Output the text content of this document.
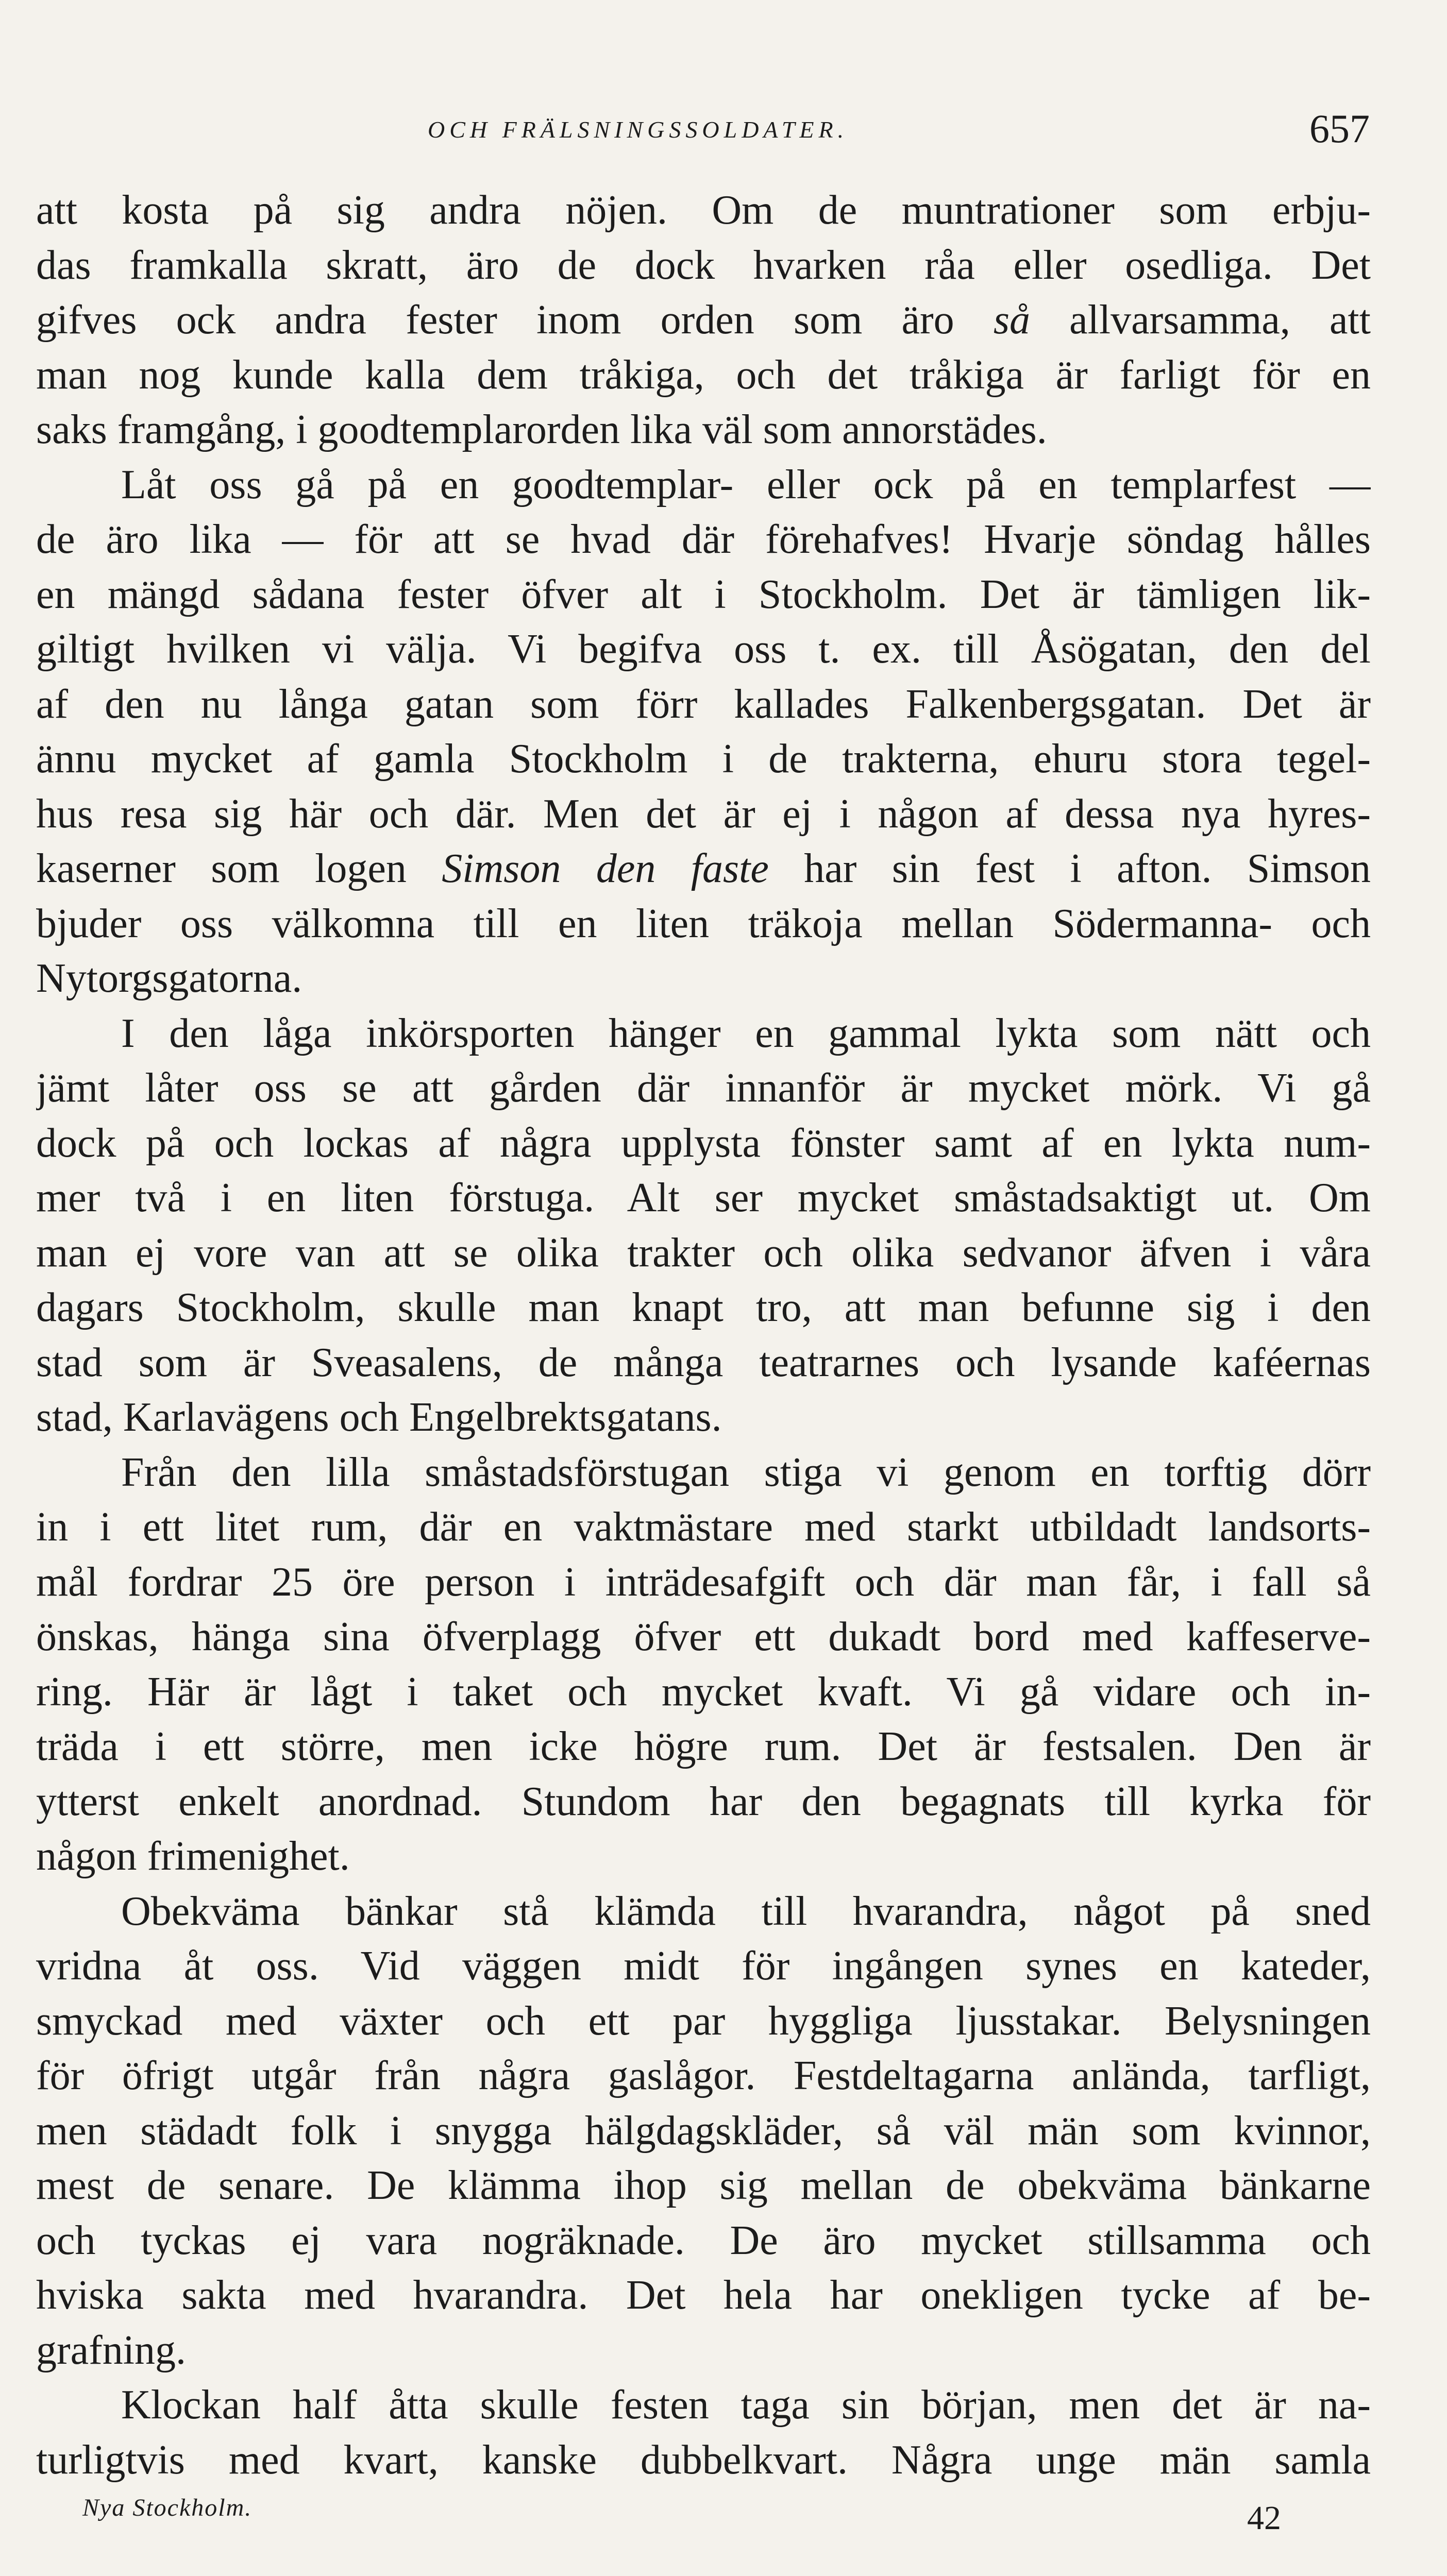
OCH FRÄLSNINGSSOLDATER.	657
att kosta på sig andra nöjen. Om de muntrationer som erbju-
das framkalla skratt, äro de dock hvarken råa eller osedliga. Det
gifves ock andra fester inom orden som äro så allvarsamma, att
man nog kunde kalla dem tråkiga, och det tråkiga är farligt för en
saks framgång, i goodtemplarorden lika väl som annorstädes.
Låt oss gå på en goodtemplar- eller ock på en templarfest —
de äro lika — för att se hvad där förehafves! Hvarje söndag hålles
en mängd sådana fester öfver alt i Stockholm. Det är tämligen lik-
giltigt hvilken vi välja. Vi begifva oss t. ex. till Åsögatan, den del
af den nu långa gatan som förr kallades Falkenbergsgatan. Det är
ännu mycket af gamla Stockholm i de trakterna, ehuru stora tegel-
hus resa sig här och där. Men det är ej i någon af dessa nya hyres-
kaserner som logen Simson den faste har sin fest i afton. Simson
bjuder oss välkomna till en liten träkoja mellan Södermanna- och
Nytorgsgatorna.
I den låga inkörsporten hänger en gammal lykta som nätt och
jämt låter oss se att gården där innanför är mycket mörk. Vi gå
dock på och lockas af några upplysta fönster samt af en lykta num-
mer två i en liten förstuga. Alt ser mycket småstadsaktigt ut. Om
man ej vore van att se olika trakter och olika sedvanor äfven i våra
dagars Stockholm, skulle man knapt tro, att man befunne sig i den
stad som är Sveasalens, de många teatrarnes och lysande kaféernas
stad, Karlavägens och Engelbrektsgatans.
Från den lilla småstadsförstugan stiga vi genom en torftig dörr
in i ett litet rum, där en vaktmästare med starkt utbildadt landsorts-
mål fordrar 25 öre person i inträdesafgift och där man får, i fall så
önskas, hänga sina öfverplagg öfver ett dukadt bord med kaffeserve-
ring. Här är lågt i taket och mycket kvaft. Vi gå vidare och in-
träda i ett större, men icke högre rum. Det är festsalen. Den är
ytterst enkelt anordnad. Stundom har den begagnats till kyrka för
någon frimenighet.
Obekväma bänkar stå klämda till hvarandra, något på sned
vridna åt oss. Vid väggen midt för ingången synes en kateder,
smyckad med växter och ett par hyggliga ljusstakar. Belysningen
för öfrigt utgår från några gaslågor. Festdeltagarna anlända, tarfligt,
men städadt folk i snygga hälgdagskläder, så väl män som kvinnor,
mest de senare. De klämma ihop sig mellan de obekväma bänkarne
och tyckas ej vara nogräknade. De äro mycket stillsamma och
hviska sakta med hvarandra. Det hela har onekligen tycke af be-
grafning.
Klockan half åtta skulle festen taga sin början, men det är na-
turligtvis med kvart, kanske dubbelkvart. Några unge män samla
Nya Stockholm.	42
